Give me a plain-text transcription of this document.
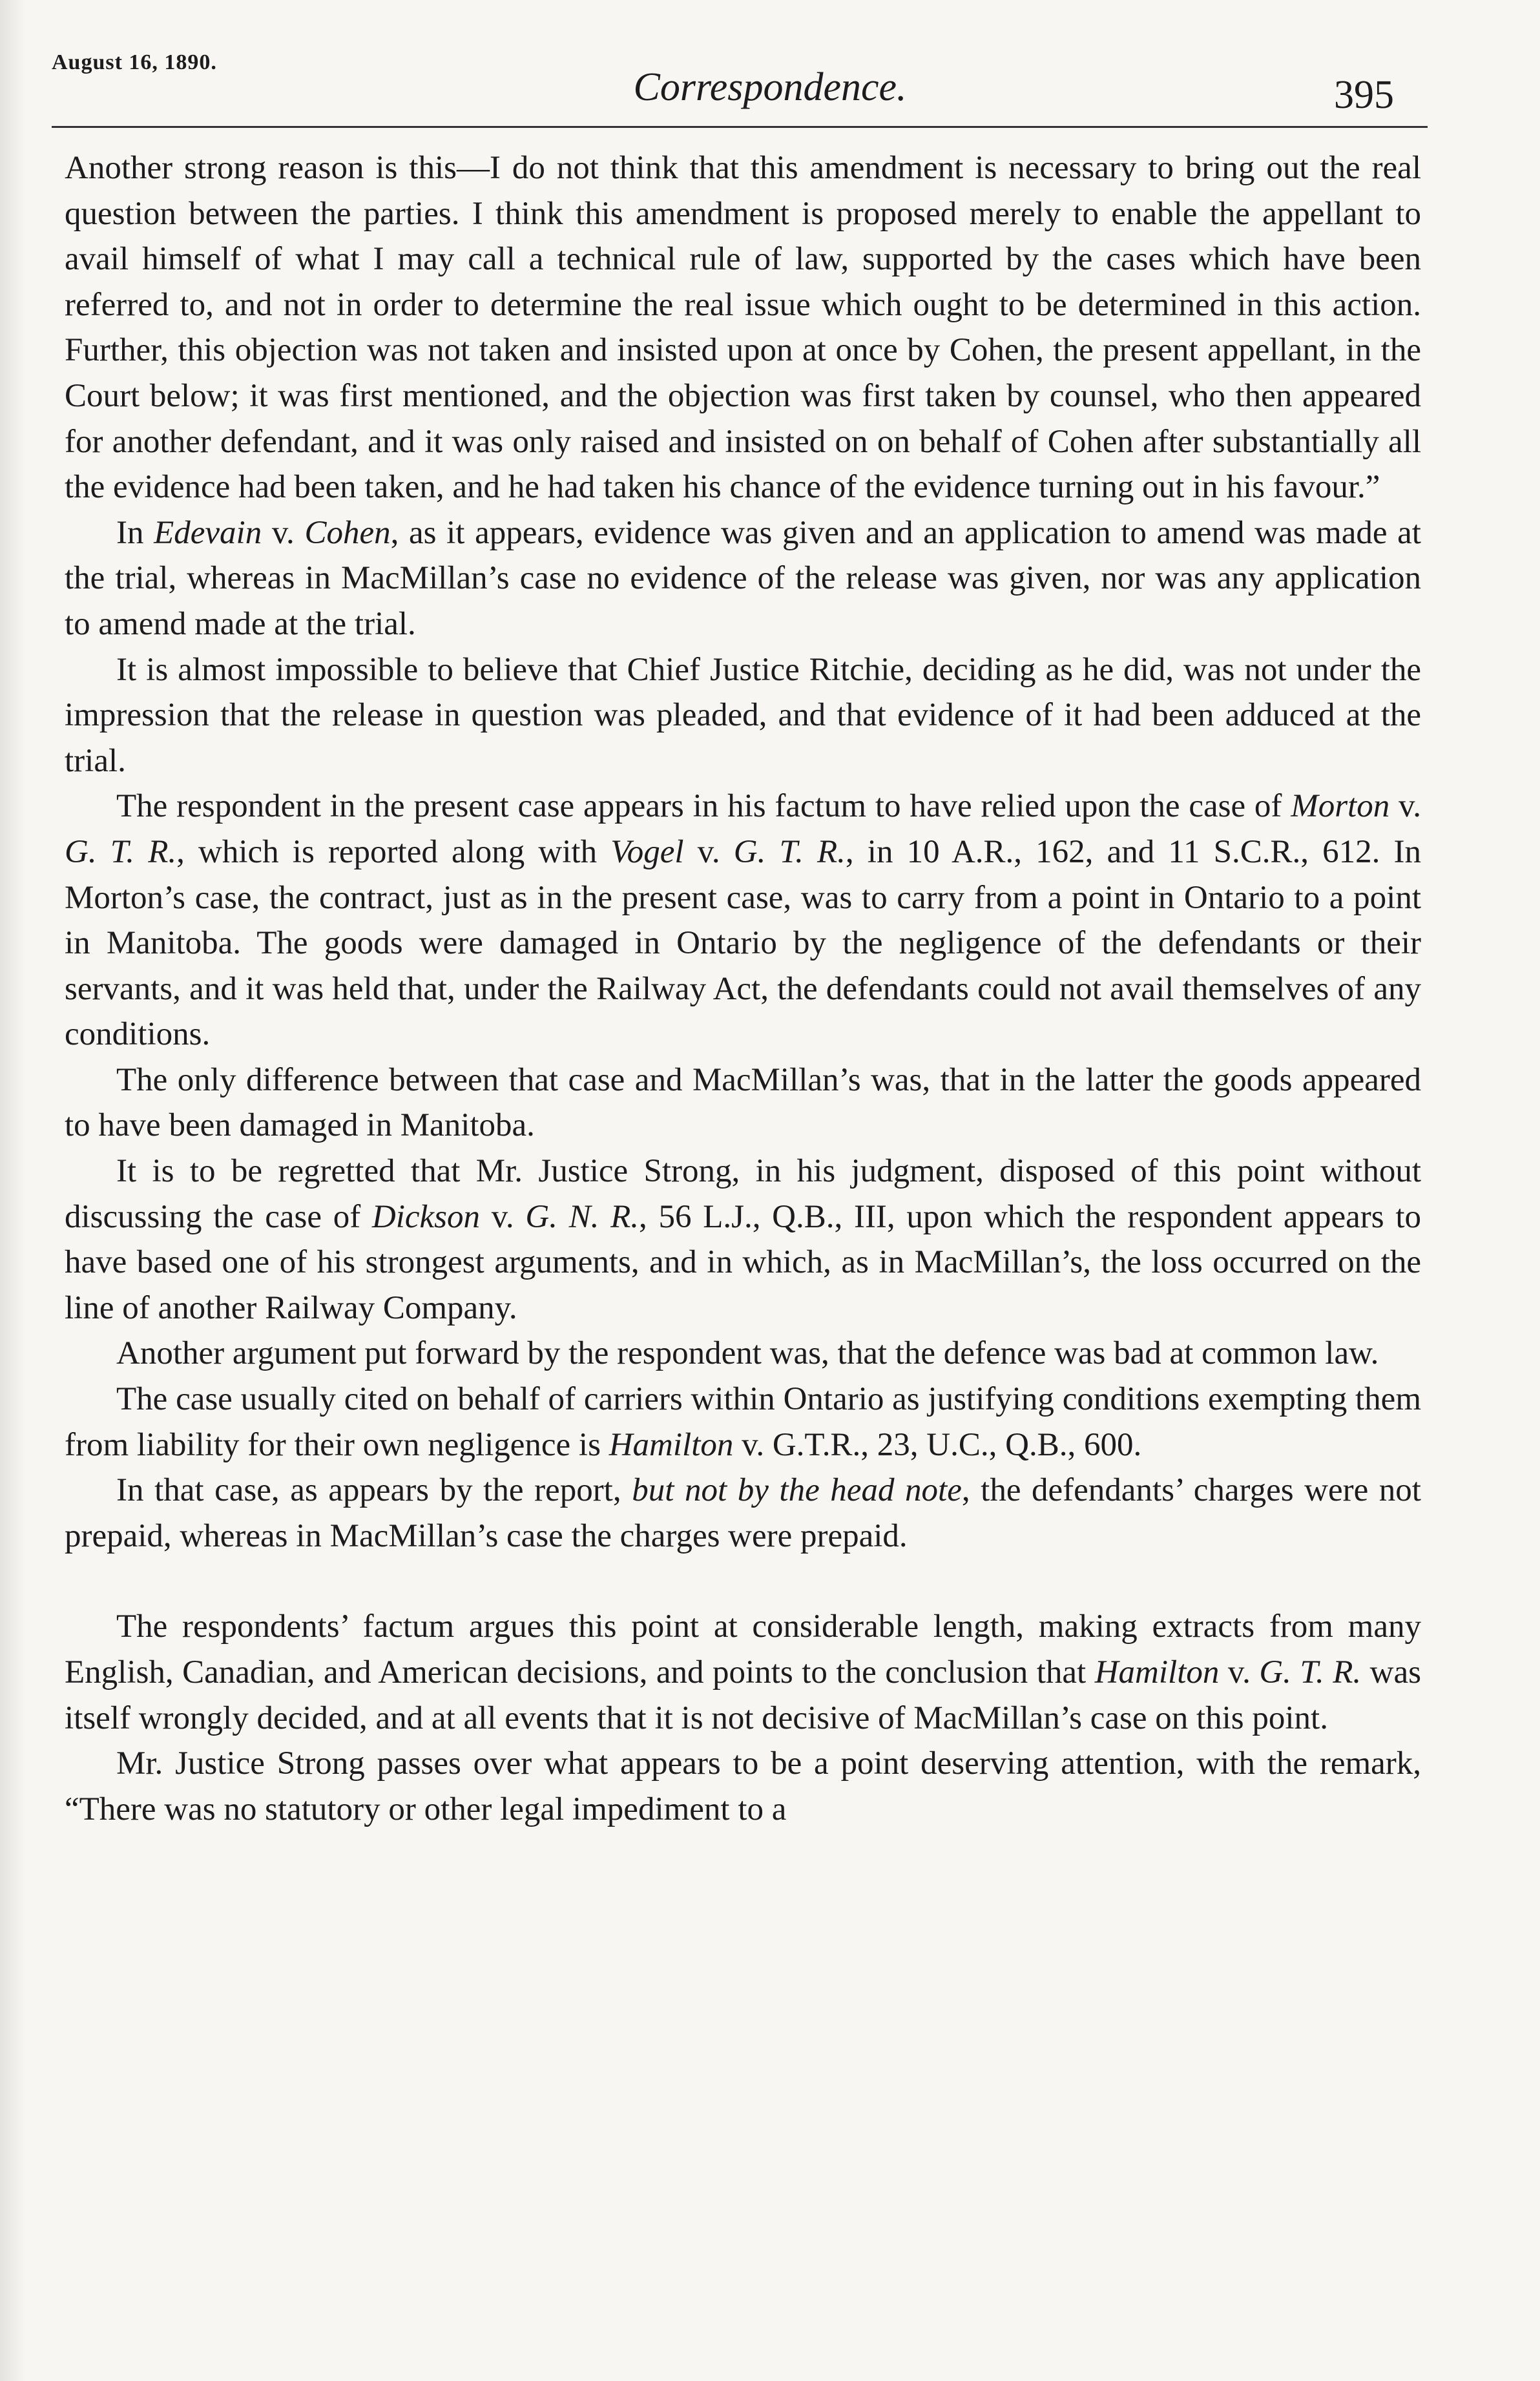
August 16, 1890.
Correspondence.	395

Another strong reason is this—I do not think that this amendment is necessary to bring out the real question between the parties. I think this amendment is proposed merely to enable the appellant to avail himself of what I may call a technical rule of law, supported by the cases which have been referred to, and not in order to determine the real issue which ought to be determined in this action. Further, this objection was not taken and insisted upon at once by Cohen, the present appellant, in the Court below; it was first mentioned, and the objection was first taken by counsel, who then appeared for another defendant, and it was only raised and insisted on on behalf of Cohen after substantially all the evidence had been taken, and he had taken his chance of the evidence turning out in his favour.”

In Edevain v. Cohen, as it appears, evidence was given and an application to amend was made at the trial, whereas in MacMillan’s case no evidence of the release was given, nor was any application to amend made at the trial.

It is almost impossible to believe that Chief Justice Ritchie, deciding as he did, was not under the impression that the release in question was pleaded, and that evidence of it had been adduced at the trial.

The respondent in the present case appears in his factum to have relied upon the case of Morton v. G. T. R., which is reported along with Vogel v. G. T. R., in 10 A.R., 162, and 11 S.C.R., 612. In Morton’s case, the contract, just as in the present case, was to carry from a point in Ontario to a point in Manitoba. The goods were damaged in Ontario by the negligence of the defendants or their servants, and it was held that, under the Railway Act, the defendants could not avail themselves of any conditions.

The only difference between that case and MacMillan’s was, that in the latter the goods appeared to have been damaged in Manitoba.

It is to be regretted that Mr. Justice Strong, in his judgment, disposed of this point without discussing the case of Dickson v. G. N. R., 56 L.J., Q.B., III, upon which the respondent appears to have based one of his strongest arguments, and in which, as in MacMillan’s, the loss occurred on the line of another Railway Company.

Another argument put forward by the respondent was, that the defence was bad at common law.

The case usually cited on behalf of carriers within Ontario as justifying conditions exempting them from liability for their own negligence is Hamilton v. G.T.R., 23, U.C., Q.B., 600.

In that case, as appears by the report, but not by the head note, the defendants’ charges were not prepaid, whereas in MacMillan’s case the charges were prepaid.

The respondents’ factum argues this point at considerable length, making extracts from many English, Canadian, and American decisions, and points to the conclusion that Hamilton v. G. T. R. was itself wrongly decided, and at all events that it is not decisive of MacMillan’s case on this point.

Mr. Justice Strong passes over what appears to be a point deserving attention, with the remark, “There was no statutory or other legal impediment to a
